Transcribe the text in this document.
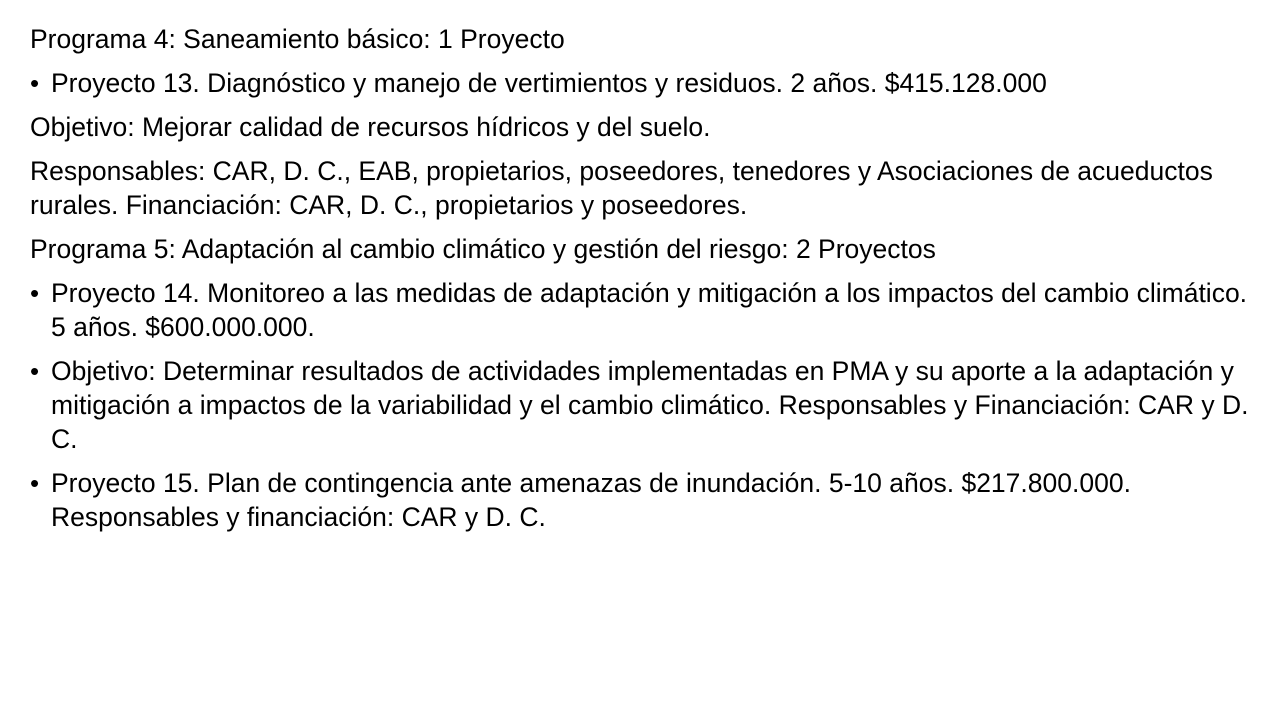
Programa 4: Saneamiento básico: 1 Proyecto
• Proyecto 13. Diagnóstico y manejo de vertimientos y residuos. 2 años. $415.128.000
Objetivo: Mejorar calidad de recursos hídricos y del suelo.
Responsables: CAR, D. C., EAB, propietarios, poseedores, tenedores y Asociaciones de acueductos rurales. Financiación: CAR, D. C., propietarios y poseedores.
Programa 5: Adaptación al cambio climático y gestión del riesgo: 2 Proyectos
• Proyecto 14. Monitoreo a las medidas de adaptación y mitigación a los impactos del cambio climático. 5 años. $600.000.000.
• Objetivo: Determinar resultados de actividades implementadas en PMA y su aporte a la adaptación y mitigación a impactos de la variabilidad y el cambio climático. Responsables y Financiación: CAR y D. C.
• Proyecto 15. Plan de contingencia ante amenazas de inundación. 5-10 años. $217.800.000. Responsables y financiación: CAR y D. C.
